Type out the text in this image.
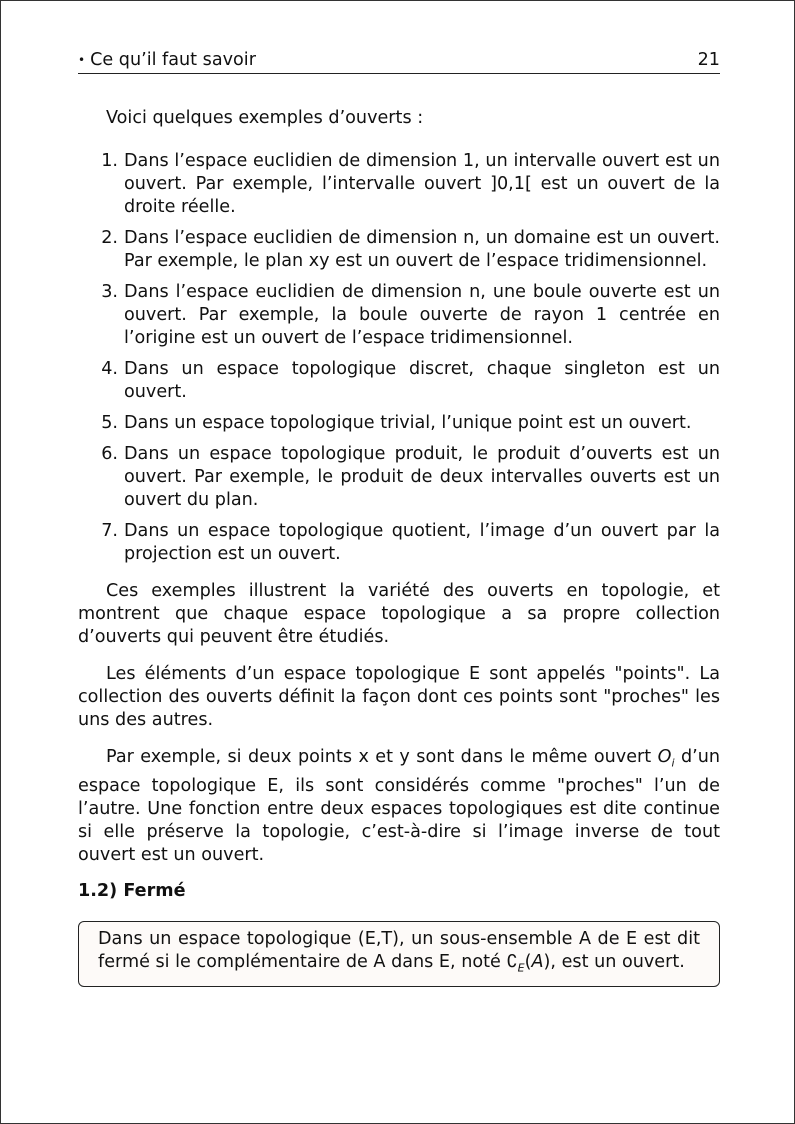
• Ce qu’il faut savoir	21

Voici quelques exemples d’ouverts :

1. Dans l’espace euclidien de dimension 1, un intervalle ouvert est un ouvert. Par exemple, l’intervalle ouvert ]0,1[ est un ouvert de la droite réelle.
2. Dans l’espace euclidien de dimension n, un domaine est un ouvert. Par exemple, le plan xy est un ouvert de l’espace tridimensionnel.
3. Dans l’espace euclidien de dimension n, une boule ouverte est un ouvert. Par exemple, la boule ouverte de rayon 1 centrée en l’origine est un ouvert de l’espace tridimensionnel.
4. Dans un espace topologique discret, chaque singleton est un ouvert.
5. Dans un espace topologique trivial, l’unique point est un ouvert.
6. Dans un espace topologique produit, le produit d’ouverts est un ouvert. Par exemple, le produit de deux intervalles ouverts est un ouvert du plan.
7. Dans un espace topologique quotient, l’image d’un ouvert par la projection est un ouvert.

Ces exemples illustrent la variété des ouverts en topologie, et montrent que chaque espace topologique a sa propre collection d’ouverts qui peuvent être étudiés.

Les éléments d’un espace topologique E sont appelés "points". La collection des ouverts définit la façon dont ces points sont "proches" les uns des autres.

Par exemple, si deux points x et y sont dans le même ouvert $O_i$ d’un espace topologique E, ils sont considérés comme "proches" l’un de l’autre. Une fonction entre deux espaces topologiques est dite continue si elle préserve la topologie, c’est-à-dire si l’image inverse de tout ouvert est un ouvert.

1.2) Fermé
Dans un espace topologique (E,T), un sous-ensemble A de E est dit fermé si le complémentaire de A dans E, noté $∁_E(A)$, est un ouvert.
